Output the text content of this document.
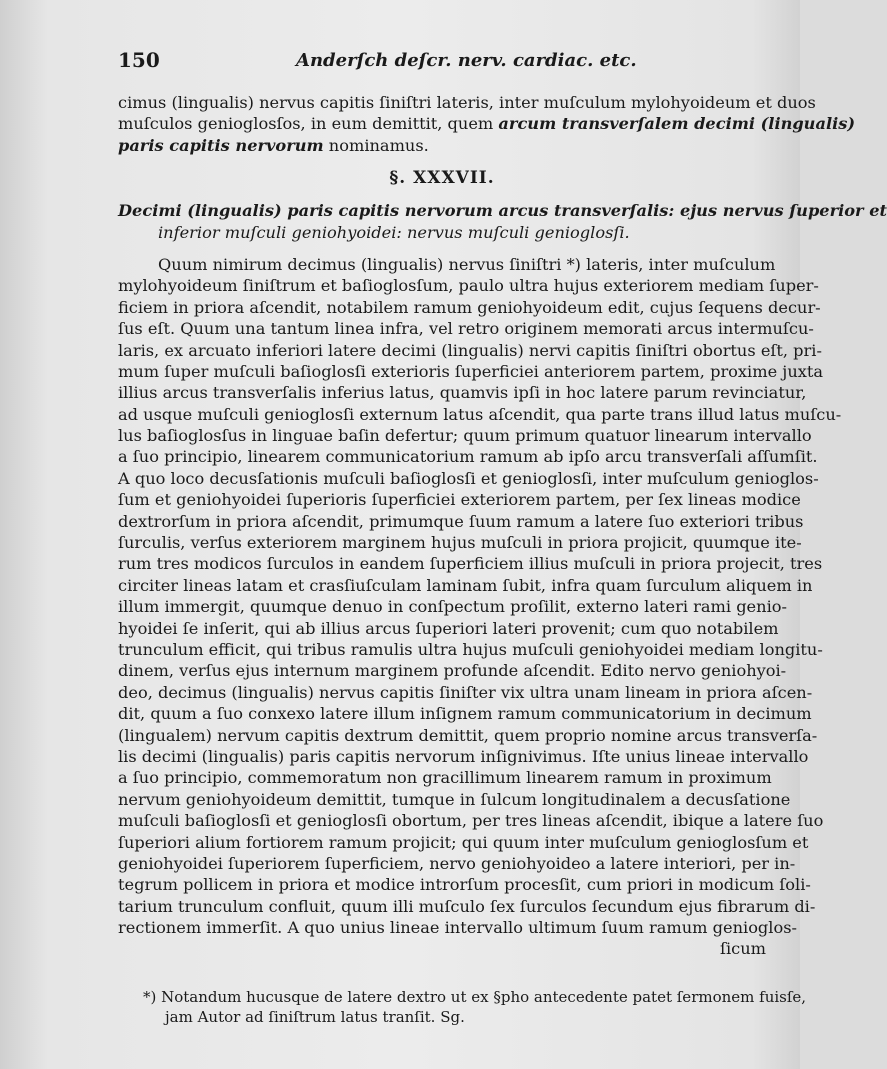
150	Anderſch deſcr. nerv. cardiac. etc.
cimus (lingualis) nervus capitis ſiniſtri lateris, inter muſculum mylohyoideum et duos
muſculos genioglosſos, in eum demittit, quem arcum transverſalem decimi (lingualis)
paris capitis nervorum nominamus.
§. XXXVII.
Decimi (lingualis) paris capitis nervorum arcus transverſalis: ejus nervus ſuperior et
inferior muſculi geniohyoidei: nervus muſculi genioglosſi.
Quum nimirum decimus (lingualis) nervus ſiniſtri *) lateris, inter muſculum
mylohyoideum ſiniſtrum et baſioglosſum, paulo ultra hujus exteriorem mediam ſuper-
ficiem in priora aſcendit, notabilem ramum geniohyoideum edit, cujus ſequens decur-
ſus eſt. Quum una tantum linea infra, vel retro originem memorati arcus intermuſcu-
laris, ex arcuato inferiori latere decimi (lingualis) nervi capitis ſiniſtri obortus eſt, pri-
mum ſuper muſculi baſioglosſi exterioris ſuperficiei anteriorem partem, proxime juxta
illius arcus transverſalis inferius latus, quamvis ipſi in hoc latere parum revinciatur,
ad usque muſculi genioglosſi externum latus aſcendit, qua parte trans illud latus muſcu-
lus baſioglosſus in linguae baſin defertur; quum primum quatuor linearum intervallo
a ſuo principio, linearem communicatorium ramum ab ipſo arcu transverſali aſſumſit.
A quo loco decusſationis muſculi baſioglosſi et genioglosſi, inter muſculum genioglos-
ſum et geniohyoidei ſuperioris ſuperficiei exteriorem partem, per ſex lineas modice
dextrorſum in priora aſcendit, primumque ſuum ramum a latere ſuo exteriori tribus
ſurculis, verſus exteriorem marginem hujus muſculi in priora projicit, quumque ite-
rum tres modicos ſurculos in eandem ſuperficiem illius muſculi in priora projecit, tres
circiter lineas latam et crasſiuſculam laminam ſubit, infra quam ſurculum aliquem in
illum immergit, quumque denuo in conſpectum proſilit, externo lateri rami genio-
hyoidei ſe inſerit, qui ab illius arcus ſuperiori lateri provenit; cum quo notabilem
trunculum efficit, qui tribus ramulis ultra hujus muſculi geniohyoidei mediam longitu-
dinem, verſus ejus internum marginem profunde aſcendit. Edito nervo geniohyoi-
deo, decimus (lingualis) nervus capitis ſiniſter vix ultra unam lineam in priora aſcen-
dit, quum a ſuo conxexo latere illum inſignem ramum communicatorium in decimum
(lingualem) nervum capitis dextrum demittit, quem proprio nomine arcus transverſa-
lis decimi (lingualis) paris capitis nervorum inſignivimus. Iſte unius lineae intervallo
a ſuo principio, commemoratum non gracillimum linearem ramum in proximum
nervum geniohyoideum demittit, tumque in ſulcum longitudinalem a decusſatione
muſculi baſioglosſi et genioglosſi obortum, per tres lineas aſcendit, ibique a latere ſuo
ſuperiori alium fortiorem ramum projicit; qui quum inter muſculum genioglosſum et
geniohyoidei ſuperiorem ſuperficiem, nervo geniohyoideo a latere interiori, per in-
tegrum pollicem in priora et modice introrſum procesſit, cum priori in modicum ſoli-
tarium trunculum confluit, quum illi muſculo ſex ſurculos ſecundum ejus fibrarum di-
rectionem immerſit. A quo unius lineae intervallo ultimum ſuum ramum genioglos-
ſicum
*) Notandum hucusque de latere dextro ut ex §pho antecedente patet ſermonem fuisſe,
jam Autor ad ſiniſtrum latus tranſit. Sg.
